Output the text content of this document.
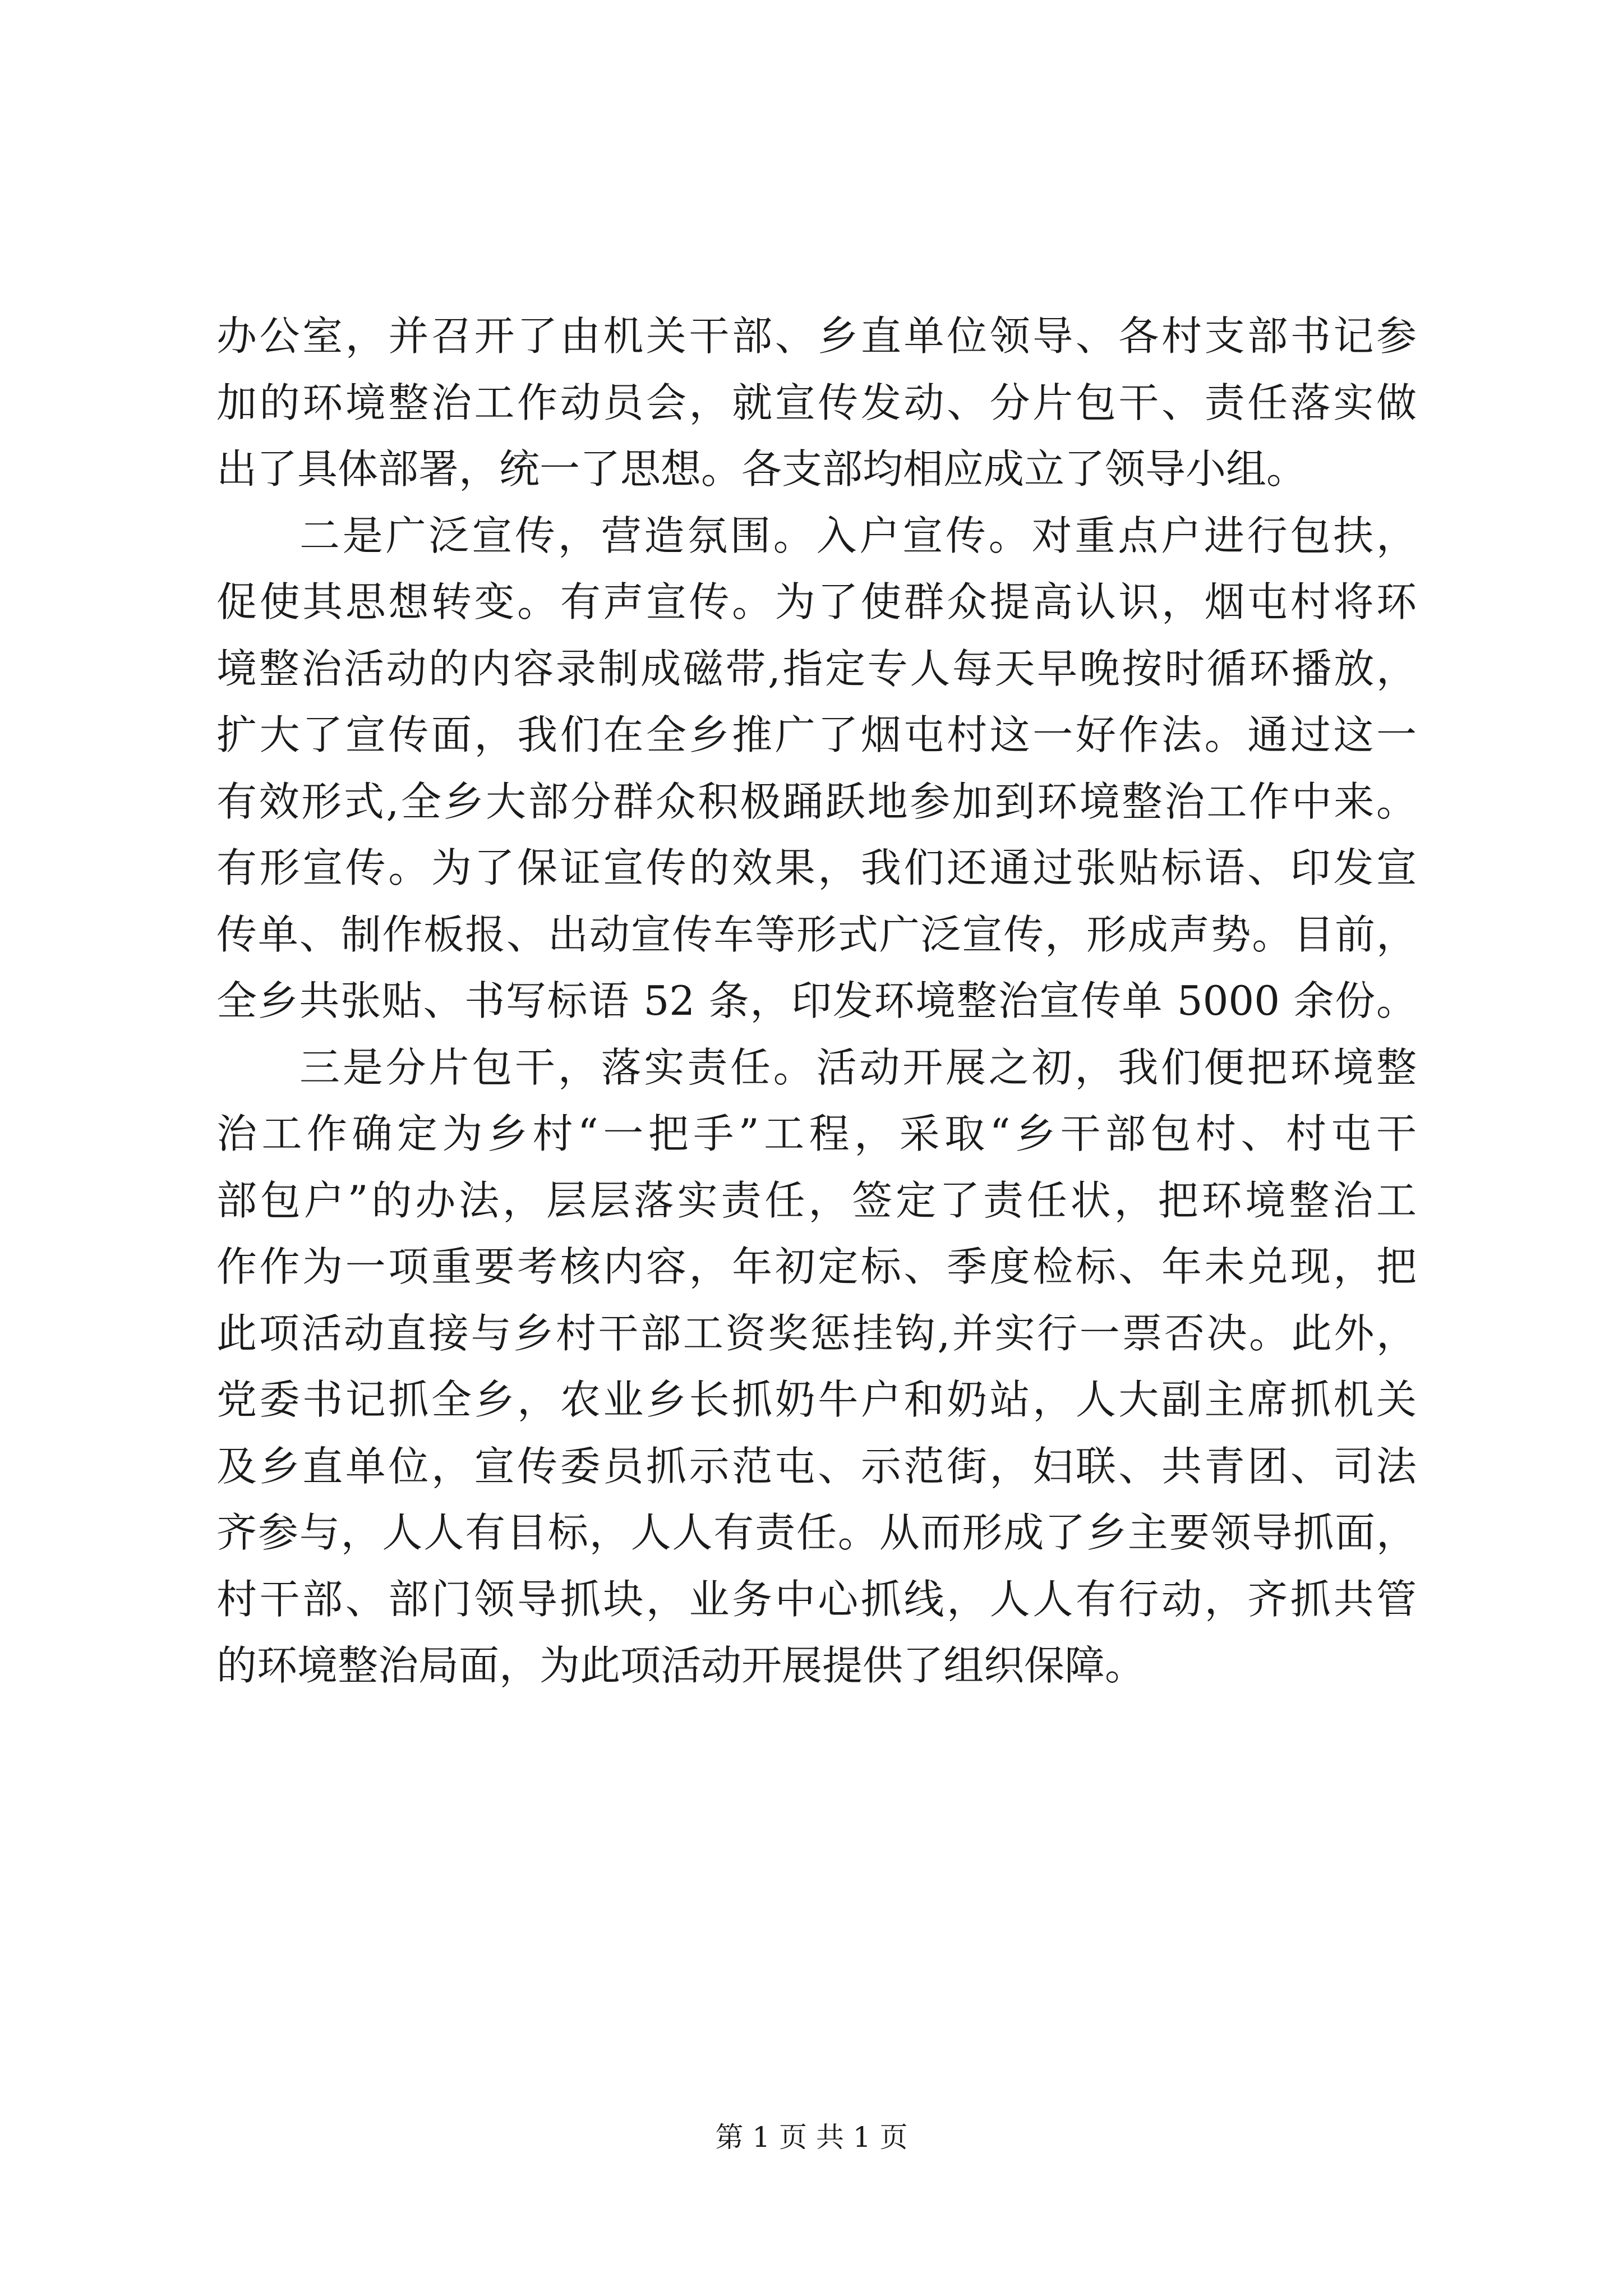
办公室，并召开了由机关干部、乡直单位领导、各村支部书记参
加的环境整治工作动员会，就宣传发动、分片包干、责任落实做
出了具体部署，统一了思想。各支部均相应成立了领导小组。
二是广泛宣传，营造氛围。入户宣传。对重点户进行包扶，
促使其思想转变。有声宣传。为了使群众提高认识，烟屯村将环
境整治活动的内容录制成磁带,指定专人每天早晚按时循环播放，
扩大了宣传面，我们在全乡推广了烟屯村这一好作法。通过这一
有效形式,全乡大部分群众积极踊跃地参加到环境整治工作中来。
有形宣传。为了保证宣传的效果，我们还通过张贴标语、印发宣
传单、制作板报、出动宣传车等形式广泛宣传，形成声势。目前，
全乡共张贴、书写标语 52 条，印发环境整治宣传单 5000 余份。
三是分片包干，落实责任。活动开展之初，我们便把环境整
治工作确定为乡村“一把手”工程，采取“乡干部包村、村屯干
部包户”的办法，层层落实责任，签定了责任状，把环境整治工
作作为一项重要考核内容，年初定标、季度检标、年未兑现，把
此项活动直接与乡村干部工资奖惩挂钩,并实行一票否决。此外，
党委书记抓全乡，农业乡长抓奶牛户和奶站，人大副主席抓机关
及乡直单位，宣传委员抓示范屯、示范街，妇联、共青团、司法
齐参与，人人有目标，人人有责任。从而形成了乡主要领导抓面，
村干部、部门领导抓块，业务中心抓线，人人有行动，齐抓共管
的环境整治局面，为此项活动开展提供了组织保障。
第 1 页 共 1 页
